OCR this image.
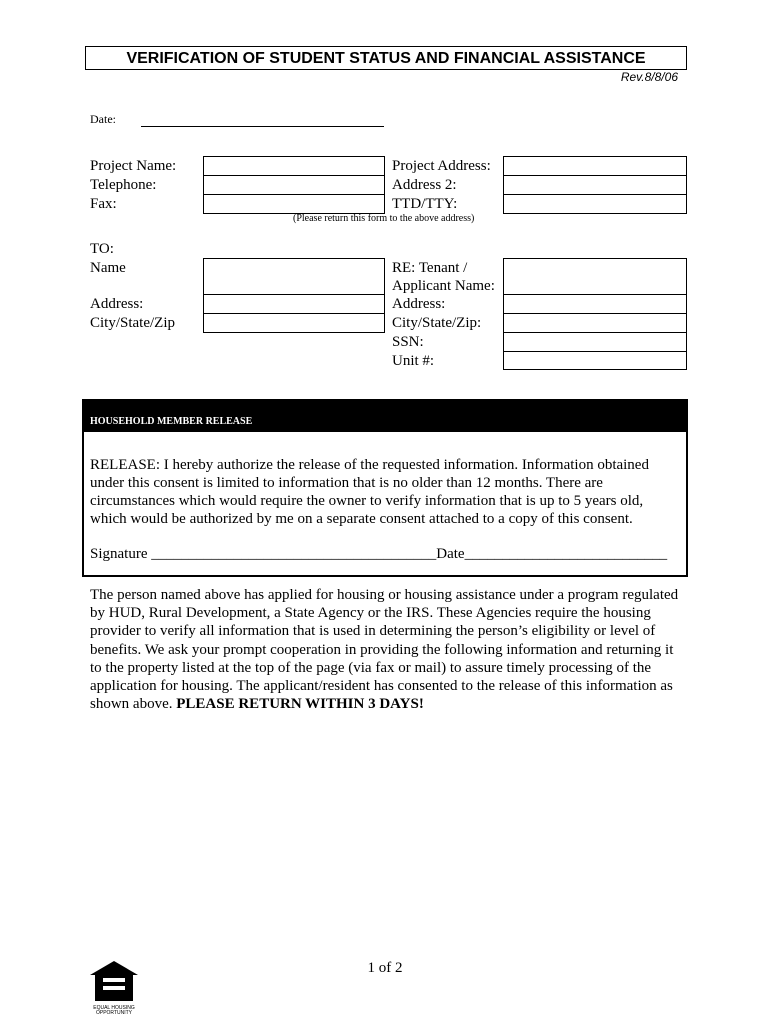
VERIFICATION OF STUDENT STATUS AND FINANCIAL ASSISTANCE
Rev.8/8/06
Date:
Project Name:
Telephone:
Fax:
Project Address:
Address 2:
TTD/TTY:
(Please return this form to the above address)
TO:
Name
Address:
City/State/Zip
RE: Tenant /
Applicant Name:
Address:
City/State/Zip:
SSN:
Unit #:
HOUSEHOLD MEMBER RELEASE
RELEASE: I hereby authorize the release of the requested information. Information obtained under this consent is limited to information that is no older than 12 months. There are circumstances which would require the owner to verify information that is up to 5 years old, which would be authorized by me on a separate consent attached to a copy of this consent.
Signature ______________________________________Date___________________________
The person named above has applied for housing or housing assistance under a program regulated by HUD, Rural Development, a State Agency or the IRS. These Agencies require the housing provider to verify all information that is used in determining the person’s eligibility or level of benefits. We ask your prompt cooperation in providing the following information and returning it to the property listed at the top of the page (via fax or mail) to assure timely processing of the application for housing. The applicant/resident has consented to the release of this information as shown above. PLEASE RETURN WITHIN 3 DAYS!
1 of 2
EQUAL HOUSING
OPPORTUNITY
